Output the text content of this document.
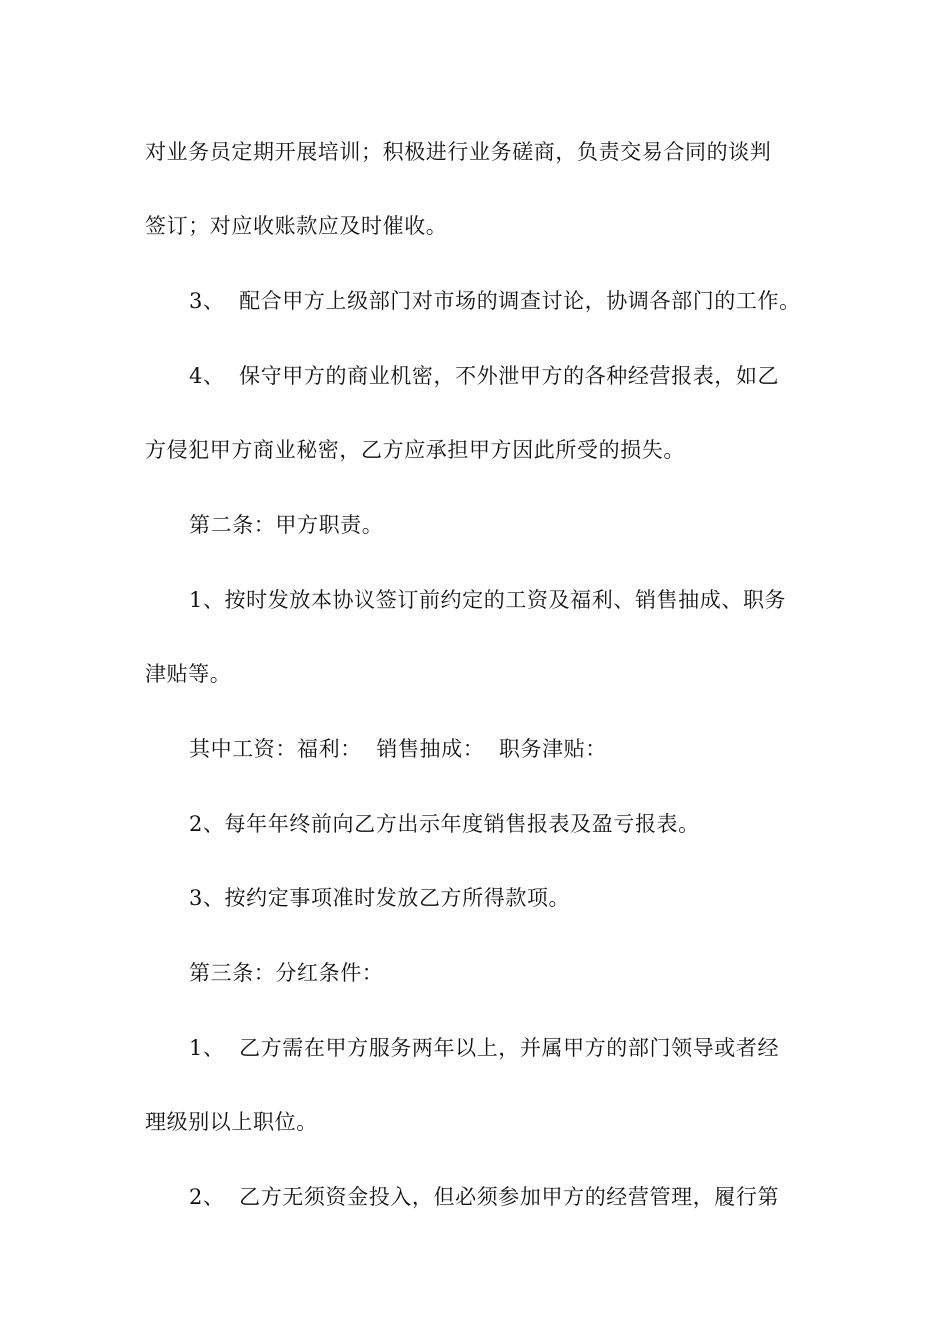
对业务员定期开展培训；积极进行业务磋商，负责交易合同的谈判
签订；对应收账款应及时催收。
3、  配合甲方上级部门对市场的调查讨论，协调各部门的工作。
4、  保守甲方的商业机密，不外泄甲方的各种经营报表，如乙
方侵犯甲方商业秘密，乙方应承担甲方因此所受的损失。
第二条：甲方职责。
1、按时发放本协议签订前约定的工资及福利、销售抽成、职务
津贴等。
其中工资：福利：  销售抽成：  职务津贴：
2、每年年终前向乙方出示年度销售报表及盈亏报表。
3、按约定事项准时发放乙方所得款项。
第三条：分红条件：
1、  乙方需在甲方服务两年以上，并属甲方的部门领导或者经
理级别以上职位。
2、  乙方无须资金投入，但必须参加甲方的经营管理，履行第
